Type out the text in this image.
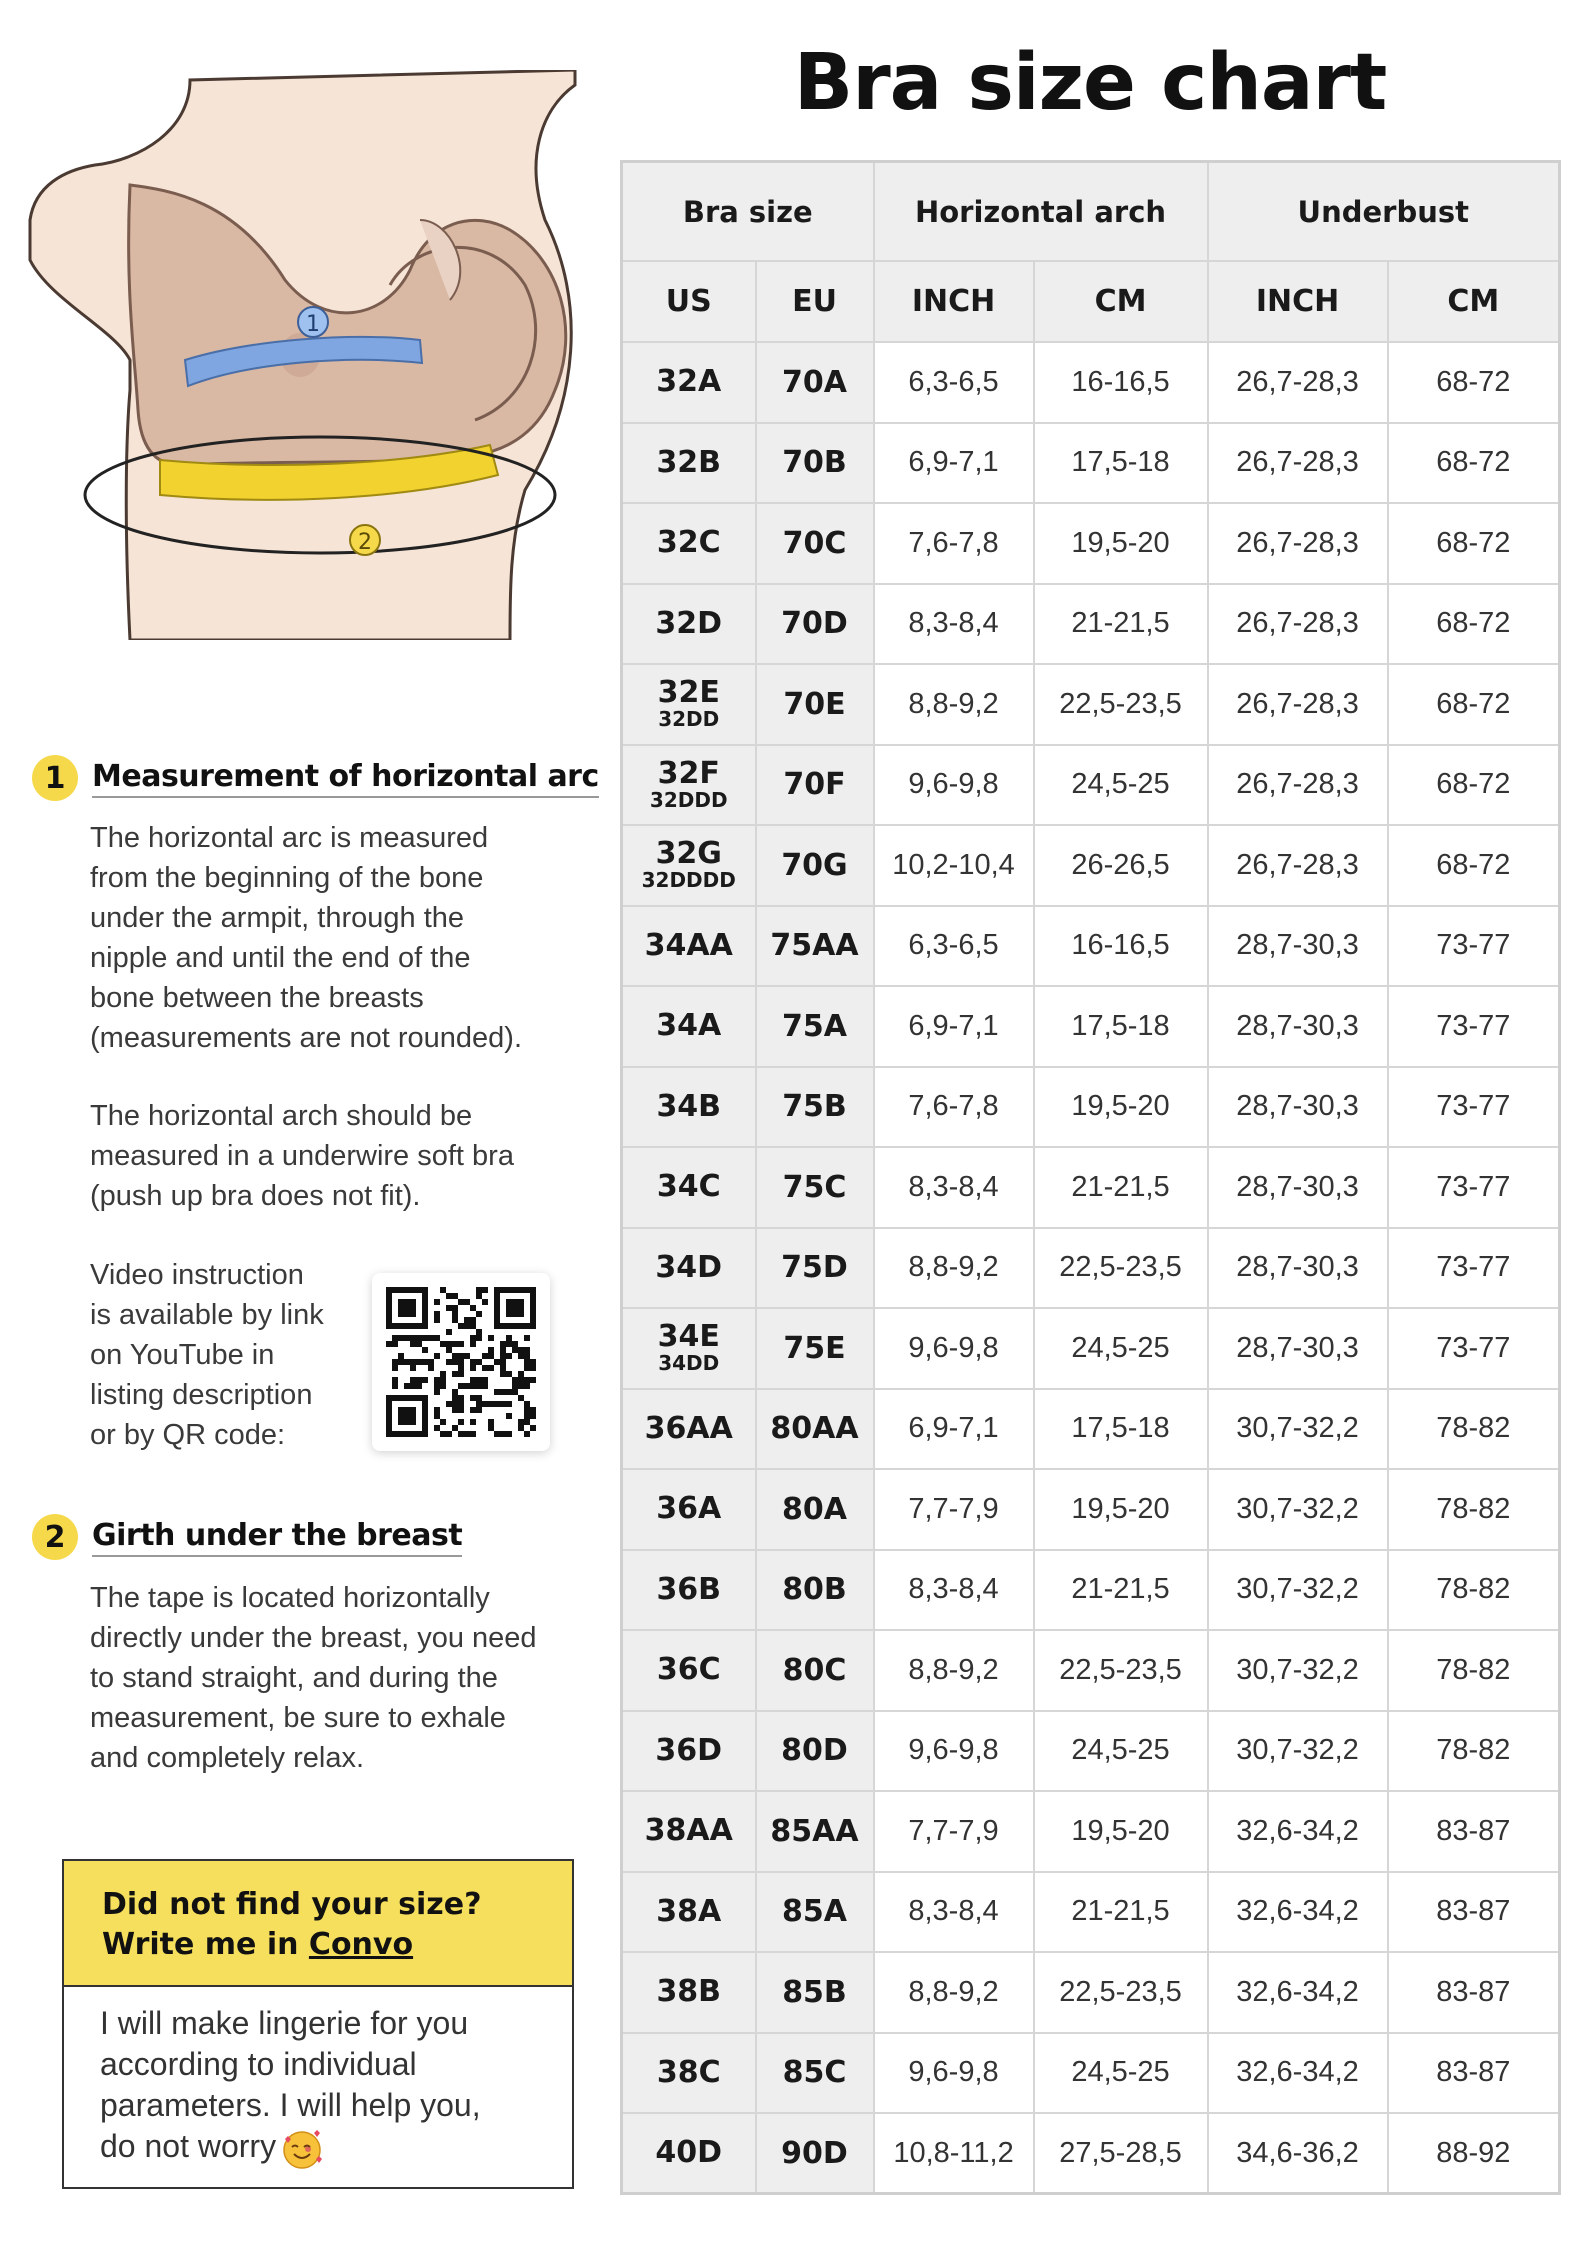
Bra size chart
1
2
1 Measurement of horizontal arc
The horizontal arc is measured
from the beginning of the bone
under the armpit, through the
nipple and until the end of the
bone between the breasts
(measurements are not rounded).
The horizontal arch should be
measured in a underwire soft bra
(push up bra does not fit).
Video instruction
is available by link
on YouTube in
listing description
or by QR code:
2 Girth under the breast
The tape is located horizontally
directly under the breast, you need
to stand straight, and during the
measurement, be sure to exhale
and completely relax.
Did not find your size?
Write me in Convo
I will make lingerie for you
according to individual
parameters. I will help you,
do not worry
Bra size		Horizontal arch		Underbust	
US	EU	INCH	CM	INCH	CM

32A	70A	6,3-6,5	16-16,5	26,7-28,3	68-72

32B	70B	6,9-7,1	17,5-18	26,7-28,3	68-72

32C	70C	7,6-7,8	19,5-20	26,7-28,3	68-72

32D	70D	8,3-8,4	21-21,5	26,7-28,3	68-72

32E
32DD	70E	8,8-9,2	22,5-23,5	26,7-28,3	68-72

32F
32DDD	70F	9,6-9,8	24,5-25	26,7-28,3	68-72

32G
32DDDD	70G	10,2-10,4	26-26,5	26,7-28,3	68-72

34AA	75AA	6,3-6,5	16-16,5	28,7-30,3	73-77

34A	75A	6,9-7,1	17,5-18	28,7-30,3	73-77

34B	75B	7,6-7,8	19,5-20	28,7-30,3	73-77

34C	75C	8,3-8,4	21-21,5	28,7-30,3	73-77

34D	75D	8,8-9,2	22,5-23,5	28,7-30,3	73-77

34E
34DD	75E	9,6-9,8	24,5-25	28,7-30,3	73-77

36AA	80AA	6,9-7,1	17,5-18	30,7-32,2	78-82

36A	80A	7,7-7,9	19,5-20	30,7-32,2	78-82

36B	80B	8,3-8,4	21-21,5	30,7-32,2	78-82

36C	80C	8,8-9,2	22,5-23,5	30,7-32,2	78-82

36D	80D	9,6-9,8	24,5-25	30,7-32,2	78-82

38AA	85AA	7,7-7,9	19,5-20	32,6-34,2	83-87

38A	85A	8,3-8,4	21-21,5	32,6-34,2	83-87

38B	85B	8,8-9,2	22,5-23,5	32,6-34,2	83-87

38C	85C	9,6-9,8	24,5-25	32,6-34,2	83-87

40D	90D	10,8-11,2	27,5-28,5	34,6-36,2	88-92
